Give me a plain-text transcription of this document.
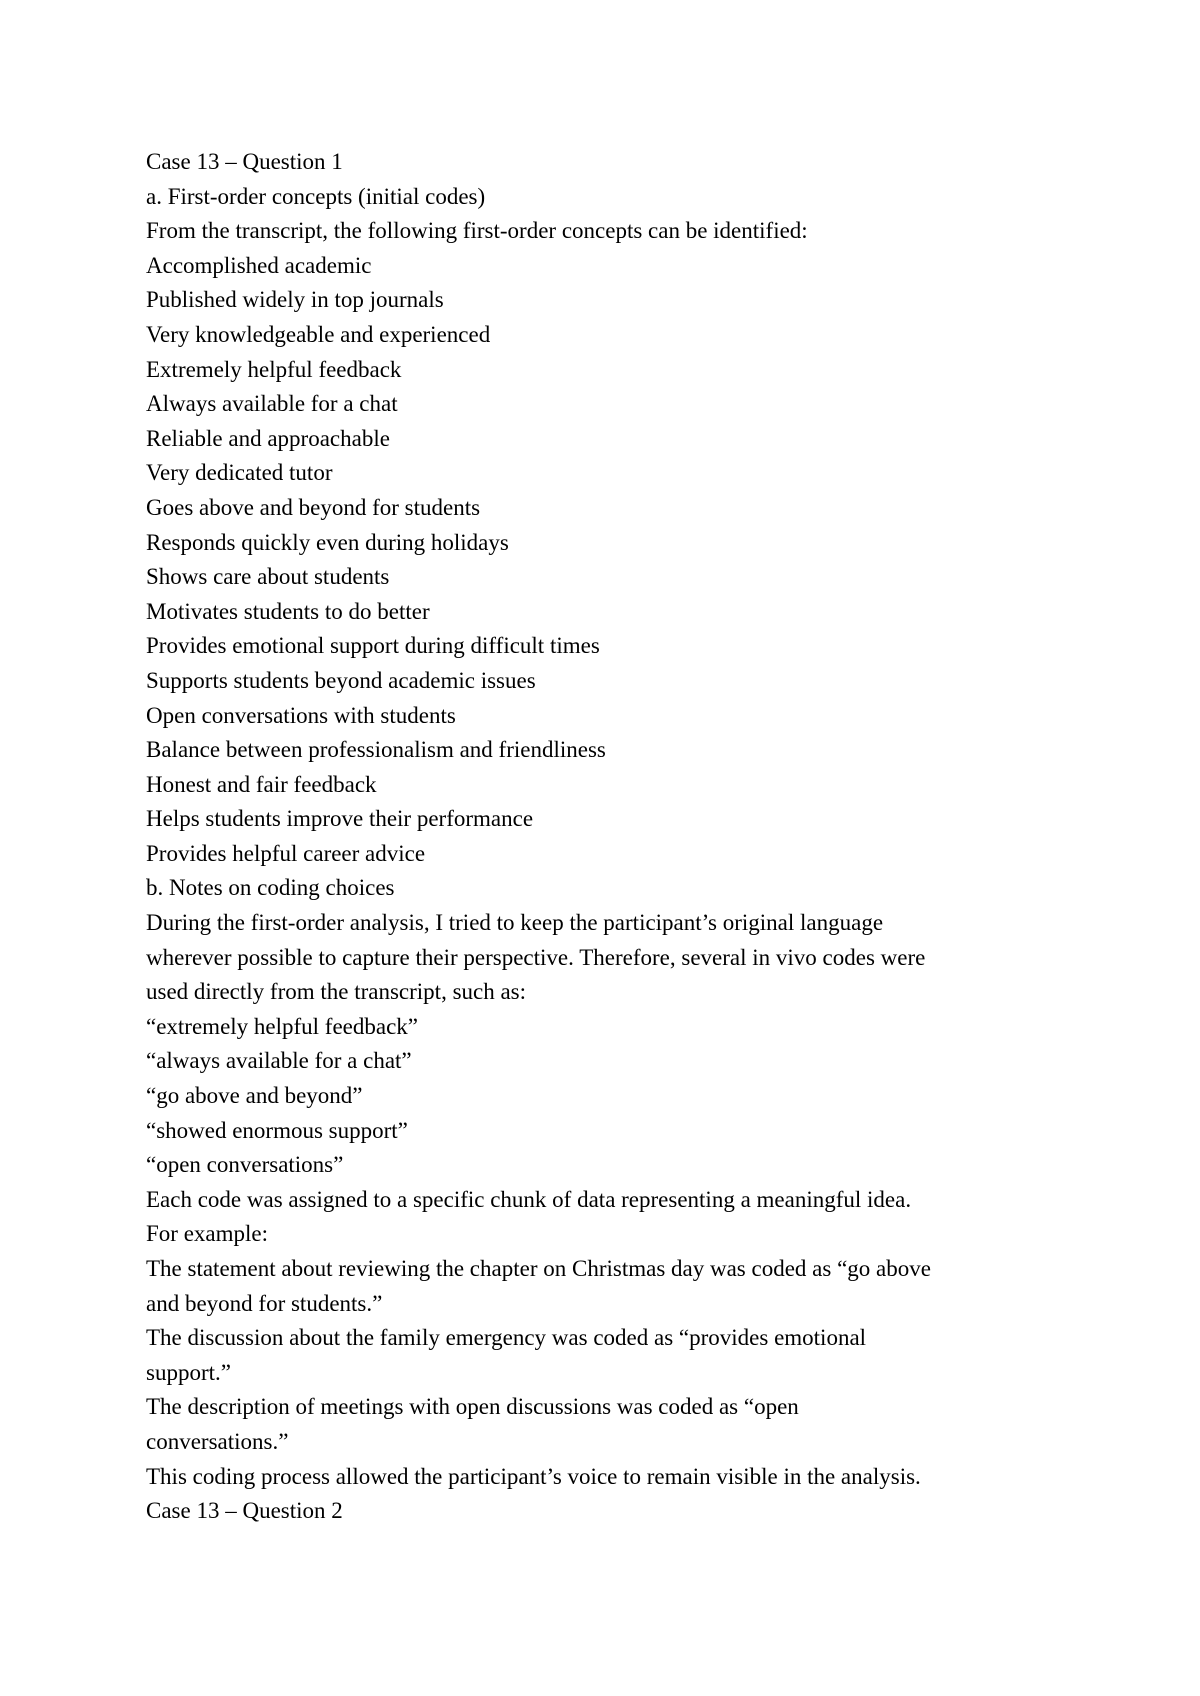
Case 13 – Question 1

a. First-order concepts (initial codes)

From the transcript, the following first-order concepts can be identified:

Accomplished academic

Published widely in top journals

Very knowledgeable and experienced

Extremely helpful feedback

Always available for a chat

Reliable and approachable

Very dedicated tutor

Goes above and beyond for students

Responds quickly even during holidays

Shows care about students

Motivates students to do better

Provides emotional support during difficult times

Supports students beyond academic issues

Open conversations with students

Balance between professionalism and friendliness

Honest and fair feedback

Helps students improve their performance

Provides helpful career advice

b. Notes on coding choices

During the first-order analysis, I tried to keep the participant’s original language

wherever possible to capture their perspective. Therefore, several in vivo codes were

used directly from the transcript, such as:

“extremely helpful feedback”

“always available for a chat”

“go above and beyond”

“showed enormous support”

“open conversations”

Each code was assigned to a specific chunk of data representing a meaningful idea.

For example:

The statement about reviewing the chapter on Christmas day was coded as “go above

and beyond for students.”

The discussion about the family emergency was coded as “provides emotional

support.”

The description of meetings with open discussions was coded as “open

conversations.”

This coding process allowed the participant’s voice to remain visible in the analysis.

Case 13 – Question 2
